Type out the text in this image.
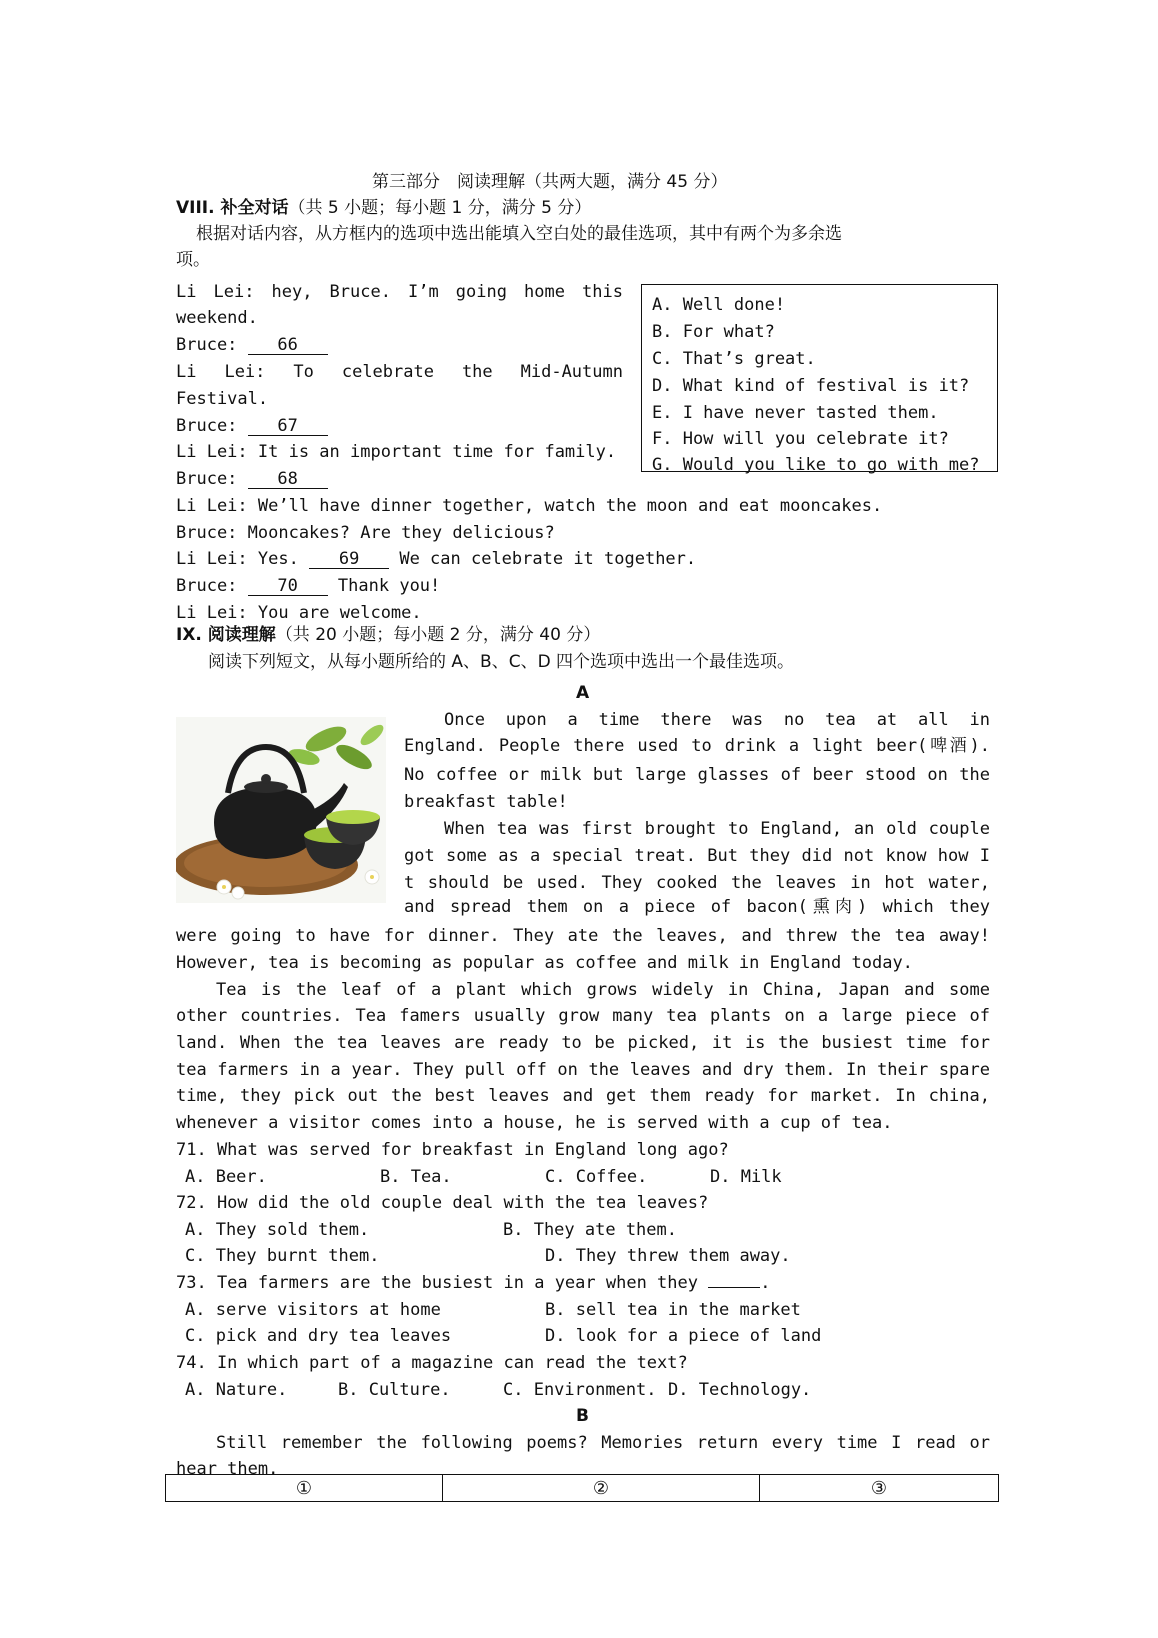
第三部分　阅读理解（共两大题，满分 45 分）
VIII. 补全对话（共 5 小题；每小题 1 分，满分 5 分）
根据对话内容，从方框内的选项中选出能填入空白处的最佳选项，其中有两个为多余选
项。
Li Lei: hey, Bruce. I’m going home this
weekend.
Bruce: 66
Li Lei: To celebrate the Mid-Autumn
Festival.
Bruce: 67
Li Lei: It is an important time for family.
Bruce: 68
Li Lei: We’ll have dinner together, watch the moon and eat mooncakes.
Bruce: Mooncakes? Are they delicious?
Li Lei: Yes. 69 We can celebrate it together.
Bruce: 70 Thank you!
Li Lei: You are welcome.
A. Well done!
B. For what?
C. That’s great.
D. What kind of festival is it?
E. I have never tasted them.
F. How will you celebrate it?
G. Would you like to go with me?
IX. 阅读理解（共 20 小题；每小题 2 分，满分 40 分）
阅读下列短文，从每小题所给的 A、B、C、D 四个选项中选出一个最佳选项。
A
Once upon a time there was no tea at all in
England. People there used to drink a light beer(啤酒).
No coffee or milk but large glasses of beer stood on the
breakfast table!
When tea was first brought to England, an old couple
got some as a special treat. But they did not know how I
t should be used. They cooked the leaves in hot water,
and spread them on a piece of bacon(熏肉) which they
were going to have for dinner. They ate the leaves, and threw the tea away!
However, tea is becoming as popular as coffee and milk in England today.
Tea is the leaf of a plant which grows widely in China, Japan and some
other countries. Tea famers usually grow many tea plants on a large piece of
land. When the tea leaves are ready to be picked, it is the busiest time for
tea farmers in a year. They pull off on the leaves and dry them. In their spare
time, they pick out the best leaves and get them ready for market. In china,
whenever a visitor comes into a house, he is served with a cup of tea.
71. What was served for breakfast in England long ago?
A. Beer.	B. Tea.	C. Coffee.	D. Milk
72. How did the old couple deal with the tea leaves?
A. They sold them.	B. They ate them.
C. They burnt them.	D. They threw them away.
73. Tea farmers are the busiest in a year when they	.
A. serve visitors at home	B. sell tea in the market
C. pick and dry tea leaves	D. look for a piece of land
74. In which part of a magazine can read the text?
A. Nature.	B. Culture.	C. Environment. D. Technology.
B
Still remember the following poems? Memories return every time I read or
hear them.
①	②	③
